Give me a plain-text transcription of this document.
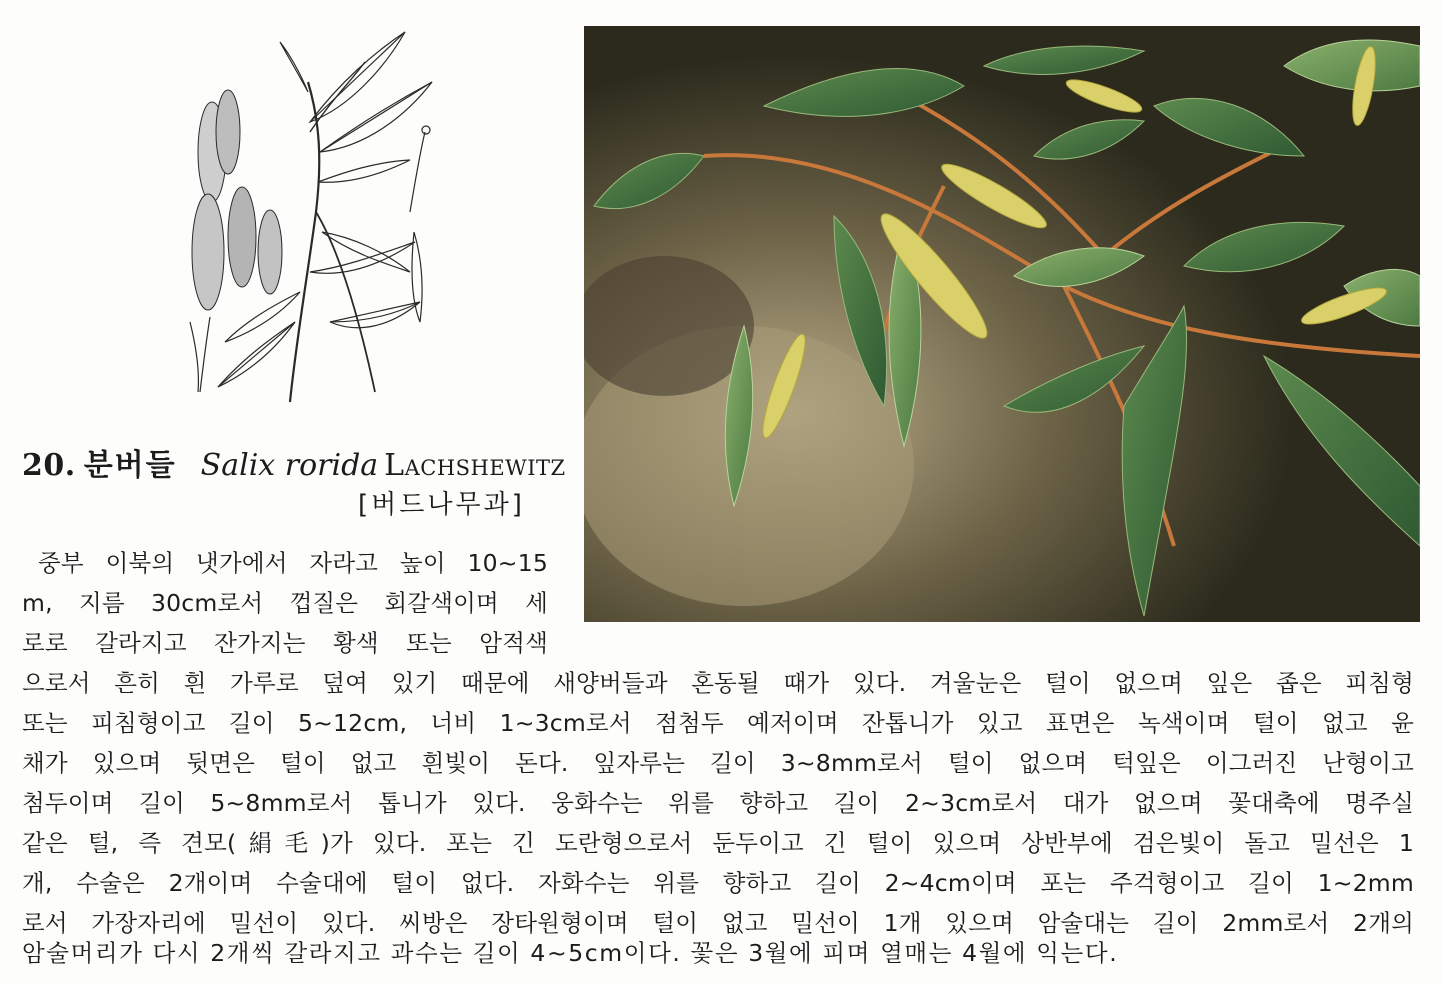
20. 분버들 Salix rorida Lachshewitz
[버드나무과]
중부 이북의 냇가에서 자라고 높이 10~15
m, 지름 30cm로서 껍질은 회갈색이며 세
로로 갈라지고 잔가지는 황색 또는 암적색
으로서 흔히 흰 가루로 덮여 있기 때문에 새양버들과 혼동될 때가 있다. 겨울눈은 털이 없으며 잎은 좁은 피침형
또는 피침형이고 길이 5~12cm, 너비 1~3cm로서 점첨두 예저이며 잔톱니가 있고 표면은 녹색이며 털이 없고 윤
채가 있으며 뒷면은 털이 없고 흰빛이 돈다. 잎자루는 길이 3~8mm로서 털이 없으며 턱잎은 이그러진 난형이고
첨두이며 길이 5~8mm로서 톱니가 있다. 웅화수는 위를 향하고 길이 2~3cm로서 대가 없으며 꽃대축에 명주실
같은 털, 즉 견모(絹毛)가 있다. 포는 긴 도란형으로서 둔두이고 긴 털이 있으며 상반부에 검은빛이 돌고 밀선은 1
개, 수술은 2개이며 수술대에 털이 없다. 자화수는 위를 향하고 길이 2~4cm이며 포는 주걱형이고 길이 1~2mm
로서 가장자리에 밀선이 있다. 씨방은 장타원형이며 털이 없고 밀선이 1개 있으며 암술대는 길이 2mm로서 2개의
암술머리가 다시 2개씩 갈라지고 과수는 길이 4~5cm이다. 꽃은 3월에 피며 열매는 4월에 익는다.
